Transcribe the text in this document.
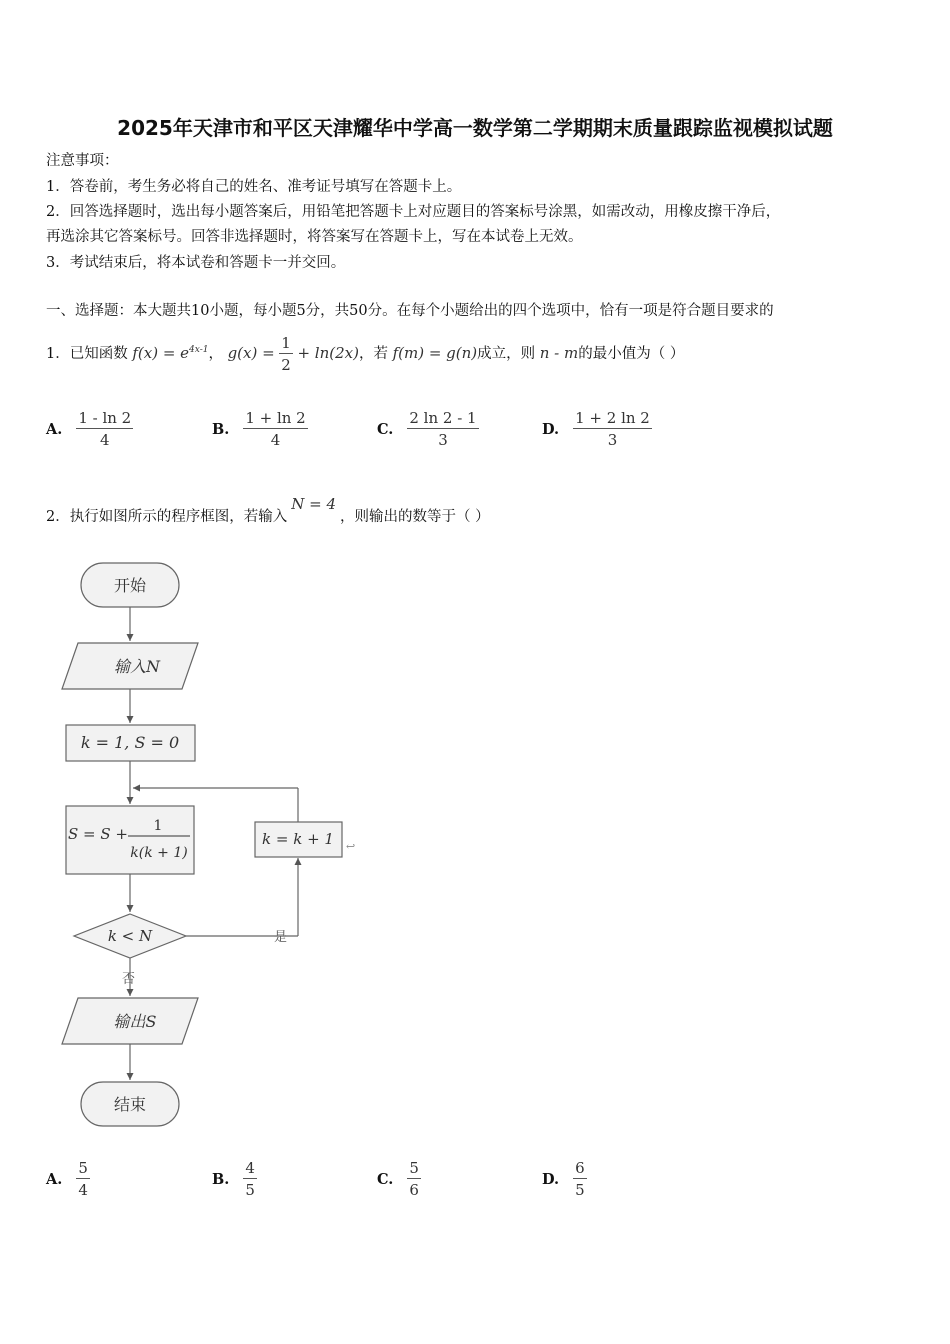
2025年天津市和平区天津耀华中学高一数学第二学期期末质量跟踪监视模拟试题
注意事项：
1．答卷前，考生务必将自己的姓名、准考证号填写在答题卡上。
2．回答选择题时，选出每小题答案后，用铅笔把答题卡上对应题目的答案标号涂黑，如需改动，用橡皮擦干净后，
再选涂其它答案标号。回答非选择题时，将答案写在答题卡上，写在本试卷上无效。
3．考试结束后，将本试卷和答题卡一并交回。
一、选择题：本大题共10小题，每小题5分，共50分。在每个小题给出的四个选项中，恰有一项是符合题目要求的
1．已知函数 $f(x) = e^{4x-1}$， $g(x) = \frac{1}{2} + \ln(2x)$，若 f(m) = g(n)成立，则 n - m的最小值为（ ）
A. $\frac{1 - \ln 2}{4}$	B. $\frac{1 + \ln 2}{4}$	C. $\frac{2 \ln 2 - 1}{3}$	D. $\frac{1 + 2 \ln 2}{3}$
2．执行如图所示的程序框图，若输入N = 4，则输出的数等于（ ）
开始
输入N
k = 1, S = 0
S = S + 1
k(k + 1)
k = k + 1 ↩
k < N	是
否
输出S
结束
A. $\frac{5}{4}$	B. $\frac{4}{5}$	C. $\frac{5}{6}$	D. $\frac{6}{5}$
